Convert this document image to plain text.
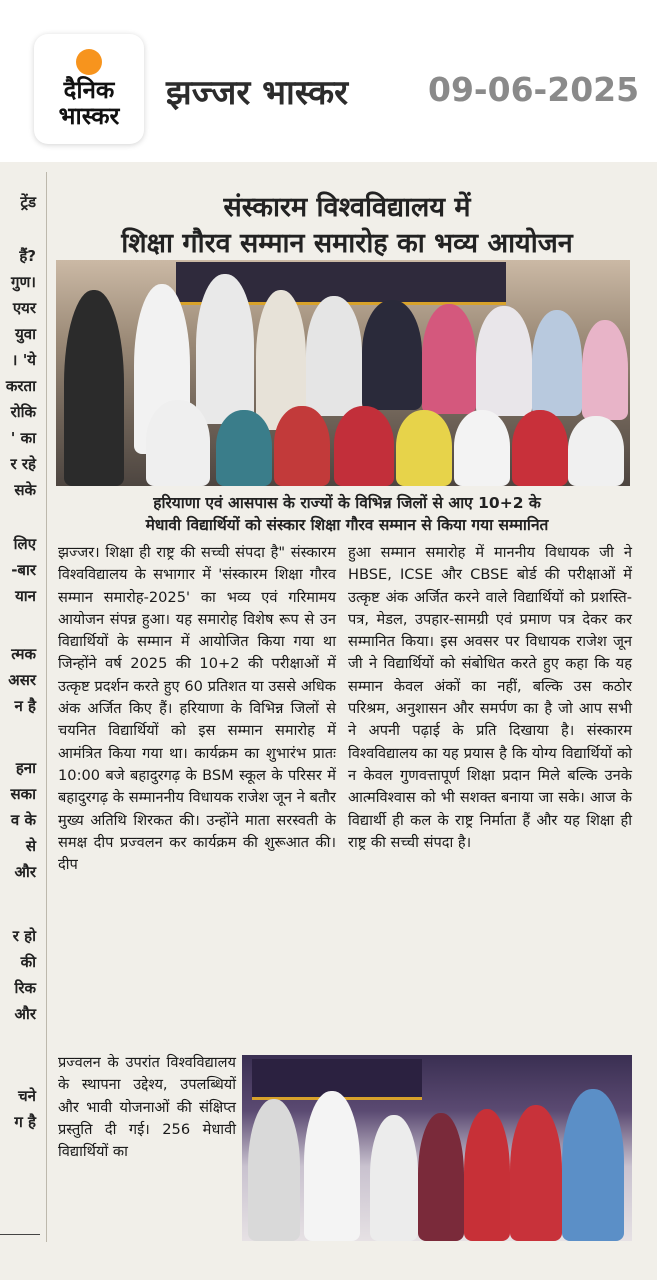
दैनिक
भास्कर
झज्जर भास्कर 09-06-2025
ट्रेंड
हैं?
गुण।
एयर
युवा
। 'ये
करता
रोकि
' का
र रहे
सके
लिए
-बार
यान
त्मक
असर
न है
हना
सका
व के
से
और
र हो
की
रिक
और
चने
ग है
संस्कारम विश्वविद्यालय में
शिक्षा गौरव सम्मान समारोह का भव्य आयोजन
हरियाणा एवं आसपास के राज्यों के विभिन्न जिलों से आए 10+2 के
मेधावी विद्यार्थियों को संस्कार शिक्षा गौरव सम्मान से किया गया सम्मानित
झज्जर। शिक्षा ही राष्ट्र की सच्ची संपदा है" संस्कारम विश्वविद्यालय के सभागार में 'संस्कारम शिक्षा गौरव सम्मान समारोह-2025' का भव्य एवं गरिमामय आयोजन संपन्न हुआ। यह समारोह विशेष रूप से उन विद्यार्थियों के सम्मान में आयोजित किया गया था जिन्होंने वर्ष 2025 की 10+2 की परीक्षाओं में उत्कृष्ट प्रदर्शन करते हुए 60 प्रतिशत या उससे अधिक अंक अर्जित किए हैं। हरियाणा के विभिन्न जिलों से चयनित विद्यार्थियों को इस सम्मान समारोह में आमंत्रित किया गया था। कार्यक्रम का शुभारंभ प्रातः 10:00 बजे बहादुरगढ़ के BSM स्कूल के परिसर में बहादुरगढ़ के सम्माननीय विधायक राजेश जून ने बतौर मुख्य अतिथि शिरकत की। उन्होंने माता सरस्वती के समक्ष दीप प्रज्वलन कर कार्यक्रम की शुरूआत की। दीप
हुआ सम्मान समारोह में माननीय विधायक जी ने HBSE, ICSE और CBSE बोर्ड की परीक्षाओं में उत्कृष्ट अंक अर्जित करने वाले विद्यार्थियों को प्रशस्ति-पत्र, मेडल, उपहार-सामग्री एवं प्रमाण पत्र देकर कर सम्मानित किया। इस अवसर पर विधायक राजेश जून जी ने विद्यार्थियों को संबोधित करते हुए कहा कि यह सम्मान केवल अंकों का नहीं, बल्कि उस कठोर परिश्रम, अनुशासन और समर्पण का है जो आप सभी ने अपनी पढ़ाई के प्रति दिखाया है। संस्कारम विश्वविद्यालय का यह प्रयास है कि योग्य विद्यार्थियों को न केवल गुणवत्तापूर्ण शिक्षा प्रदान मिले बल्कि उनके आत्मविश्वास को भी सशक्त बनाया जा सके। आज के विद्यार्थी ही कल के राष्ट्र निर्माता हैं और यह शिक्षा ही राष्ट्र की सच्ची संपदा है।
प्रज्वलन के उपरांत विश्वविद्यालय के स्थापना उद्देश्य, उपलब्धियों और भावी योजनाओं की संक्षिप्त प्रस्तुति दी गई। 256 मेधावी विद्यार्थियों का
